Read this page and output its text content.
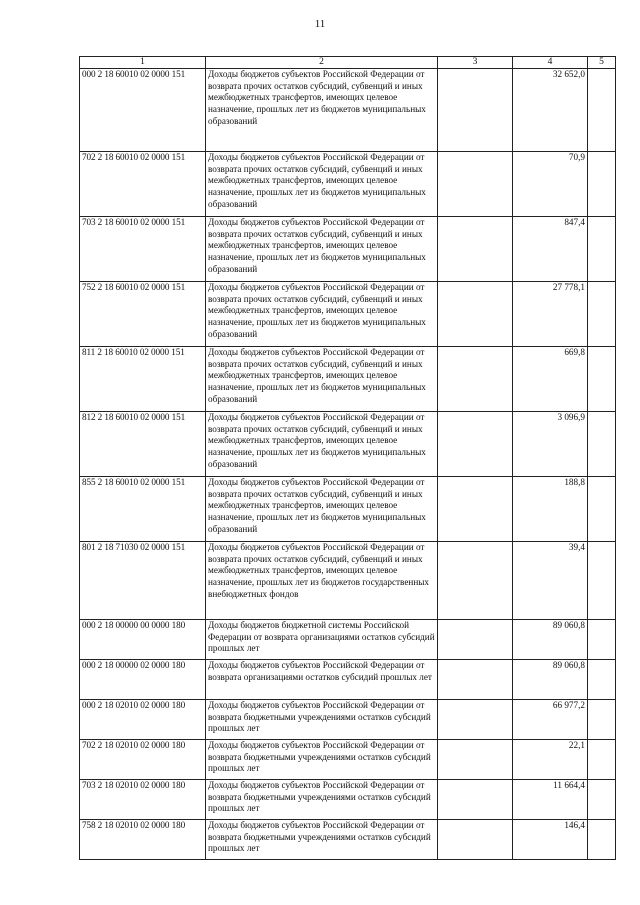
11
1	2	3	4	5
000 2 18 60010 02 0000 151	Доходы бюджетов субъектов Российской Федерации от возврата прочих остатков субсидий, субвенций и иных межбюджетных трансфертов, имеющих целевое назначение, прошлых лет из бюджетов муниципальных образований		32 652,0	
702 2 18 60010 02 0000 151	Доходы бюджетов субъектов Российской Федерации от возврата прочих остатков субсидий, субвенций и иных межбюджетных трансфертов, имеющих целевое назначение, прошлых лет из бюджетов муниципальных образований		70,9	
703 2 18 60010 02 0000 151	Доходы бюджетов субъектов Российской Федерации от возврата прочих остатков субсидий, субвенций и иных межбюджетных трансфертов, имеющих целевое назначение, прошлых лет из бюджетов муниципальных образований		847,4	
752 2 18 60010 02 0000 151	Доходы бюджетов субъектов Российской Федерации от возврата прочих остатков субсидий, субвенций и иных межбюджетных трансфертов, имеющих целевое назначение, прошлых лет из бюджетов муниципальных образований		27 778,1	
811 2 18 60010 02 0000 151	Доходы бюджетов субъектов Российской Федерации от возврата прочих остатков субсидий, субвенций и иных межбюджетных трансфертов, имеющих целевое назначение, прошлых лет из бюджетов муниципальных образований		669,8	
812 2 18 60010 02 0000 151	Доходы бюджетов субъектов Российской Федерации от возврата прочих остатков субсидий, субвенций и иных межбюджетных трансфертов, имеющих целевое назначение, прошлых лет из бюджетов муниципальных образований		3 096,9	
855 2 18 60010 02 0000 151	Доходы бюджетов субъектов Российской Федерации от возврата прочих остатков субсидий, субвенций и иных межбюджетных трансфертов, имеющих целевое назначение, прошлых лет из бюджетов муниципальных образований		188,8	
801 2 18 71030 02 0000 151	Доходы бюджетов субъектов Российской Федерации от возврата прочих остатков субсидий, субвенций и иных межбюджетных трансфертов, имеющих целевое назначение, прошлых лет из бюджетов государственных внебюджетных фондов		39,4	
000 2 18 00000 00 0000 180	Доходы бюджетов бюджетной системы Российской Федерации от возврата организациями остатков субсидий прошлых лет		89 060,8	
000 2 18 00000 02 0000 180	Доходы бюджетов субъектов Российской Федерации от возврата организациями остатков субсидий прошлых лет		89 060,8	
000 2 18 02010 02 0000 180	Доходы бюджетов субъектов Российской Федерации от возврата бюджетными учреждениями остатков субсидий прошлых лет		66 977,2	
702 2 18 02010 02 0000 180	Доходы бюджетов субъектов Российской Федерации от возврата бюджетными учреждениями остатков субсидий прошлых лет		22,1	
703 2 18 02010 02 0000 180	Доходы бюджетов субъектов Российской Федерации от возврата бюджетными учреждениями остатков субсидий прошлых лет		11 664,4	
758 2 18 02010 02 0000 180	Доходы бюджетов субъектов Российской Федерации от возврата бюджетными учреждениями остатков субсидий прошлых лет		146,4	
